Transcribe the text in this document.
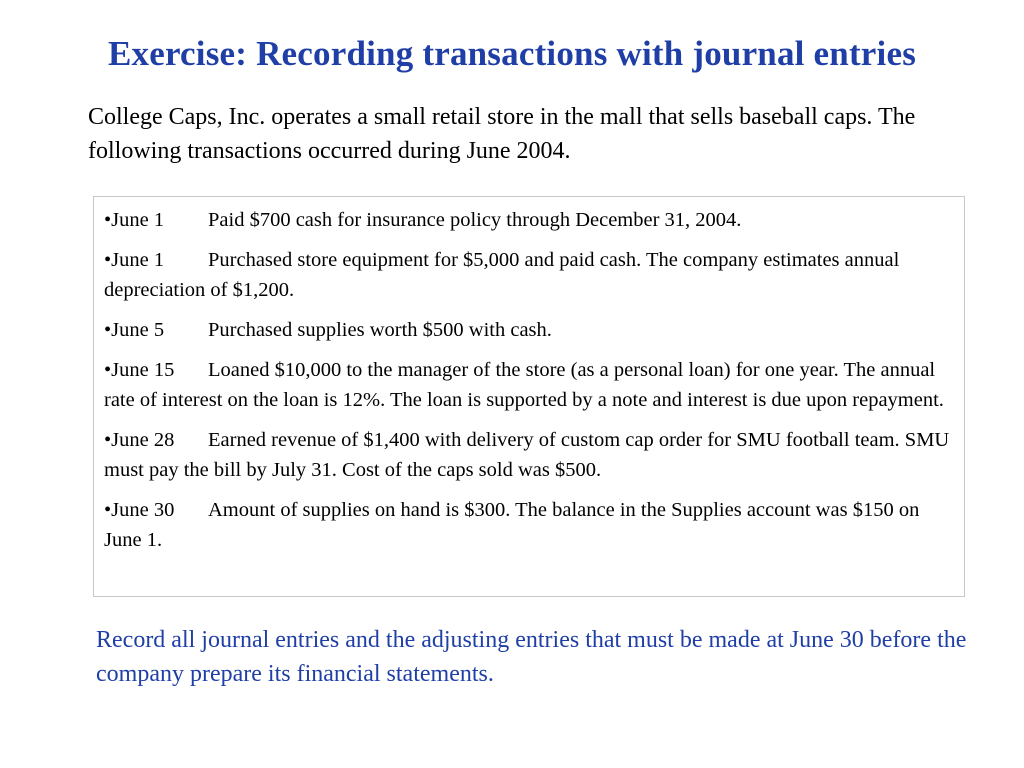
Exercise: Recording transactions with journal entries
College Caps, Inc. operates a small retail store in the mall that sells baseball caps. The following transactions occurred during June 2004.
•June 1 Paid $700 cash for insurance policy through December 31, 2004.
•June 1 Purchased store equipment for $5,000 and paid cash. The company estimates annual depreciation of $1,200.
•June 5 Purchased supplies worth $500 with cash.
•June 15 Loaned $10,000 to the manager of the store (as a personal loan) for one year. The annual rate of interest on the loan is 12%. The loan is supported by a note and interest is due upon repayment.
•June 28 Earned revenue of $1,400 with delivery of custom cap order for SMU football team. SMU must pay the bill by July 31. Cost of the caps sold was $500.
•June 30 Amount of supplies on hand is $300. The balance in the Supplies account was $150 on June 1.
Record all journal entries and the adjusting entries that must be made at June 30 before the company prepare its financial statements.
